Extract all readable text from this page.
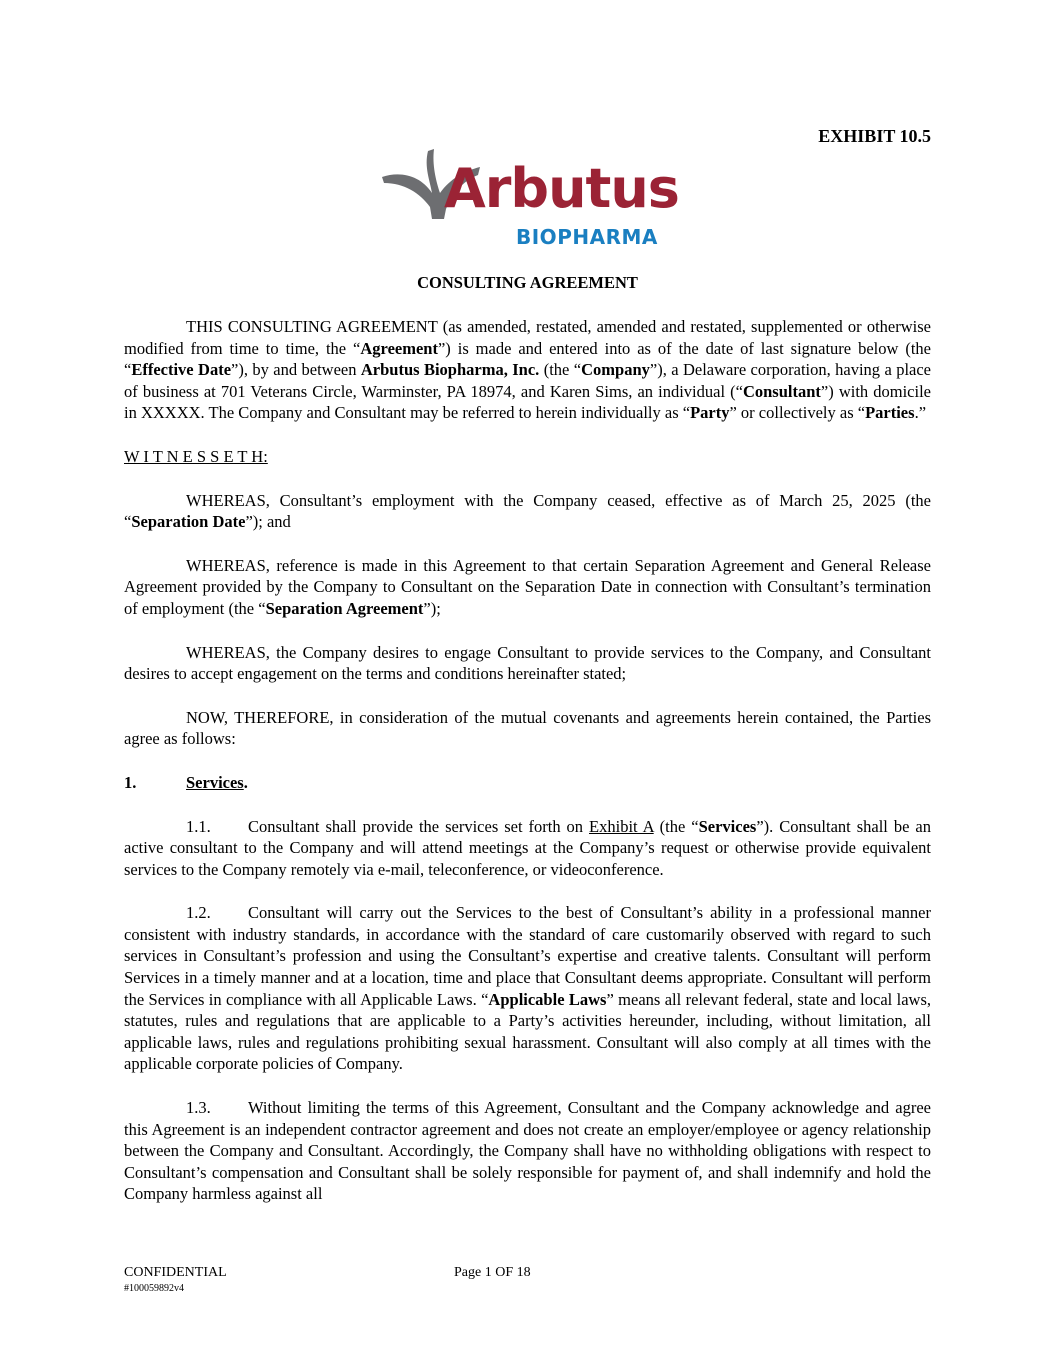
EXHIBIT 10.5
Arbutus
BIOPHARMA
CONSULTING AGREEMENT

THIS CONSULTING AGREEMENT (as amended, restated, amended and restated, supplemented or otherwise modified from time to time, the “Agreement”) is made and entered into as of the date of last signature below (the “Effective Date”), by and between Arbutus Biopharma, Inc. (the “Company”), a Delaware corporation, having a place of business at 701 Veterans Circle, Warminster, PA 18974, and Karen Sims, an individual (“Consultant”) with domicile in XXXXX. The Company and Consultant may be referred to herein individually as “Party” or collectively as “Parties.”

W I T N E S S E T H:

WHEREAS, Consultant’s employment with the Company ceased, effective as of March 25, 2025 (the “Separation Date”); and

WHEREAS, reference is made in this Agreement to that certain Separation Agreement and General Release Agreement provided by the Company to Consultant on the Separation Date in connection with Consultant’s termination of employment (the “Separation Agreement”);

WHEREAS, the Company desires to engage Consultant to provide services to the Company, and Consultant desires to accept engagement on the terms and conditions hereinafter stated;

NOW, THEREFORE, in consideration of the mutual covenants and agreements herein contained, the Parties agree as follows:

1.	Services.

1.1. Consultant shall provide the services set forth on Exhibit A (the “Services”). Consultant shall be an active consultant to the Company and will attend meetings at the Company’s request or otherwise provide equivalent services to the Company remotely via e-mail, teleconference, or videoconference.

1.2. Consultant will carry out the Services to the best of Consultant’s ability in a professional manner consistent with industry standards, in accordance with the standard of care customarily observed with regard to such services in Consultant’s profession and using the Consultant’s expertise and creative talents. Consultant will perform Services in a timely manner and at a location, time and place that Consultant deems appropriate. Consultant will perform the Services in compliance with all Applicable Laws. “Applicable Laws” means all relevant federal, state and local laws, statutes, rules and regulations that are applicable to a Party’s activities hereunder, including, without limitation, all applicable laws, rules and regulations prohibiting sexual harassment. Consultant will also comply at all times with the applicable corporate policies of Company.

1.3. Without limiting the terms of this Agreement, Consultant and the Company acknowledge and agree this Agreement is an independent contractor agreement and does not create an employer/employee or agency relationship between the Company and Consultant. Accordingly, the Company shall have no withholding obligations with respect to Consultant’s compensation and Consultant shall be solely responsible for payment of, and shall indemnify and hold the Company harmless against all

CONFIDENTIAL	Page 1 OF 18
#100059892v4
